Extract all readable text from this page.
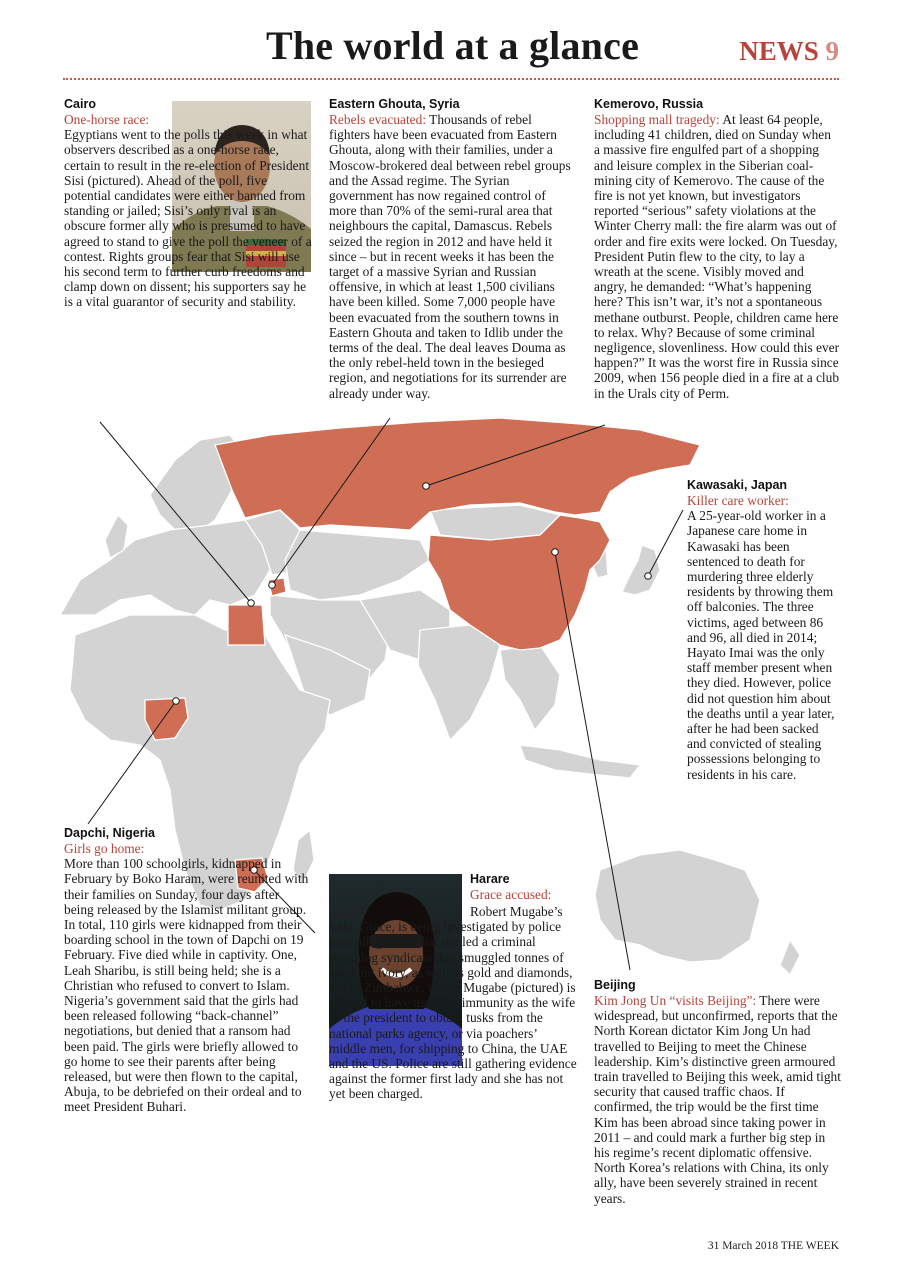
The world at a glance	NEWS 9
Cairo
One-horse race:

Egyptians went to the polls this week in what observers described as a one-horse race, certain to result in the re-election of President Sisi (pictured). Ahead of the poll, five potential candidates were either banned from standing or jailed; Sisi’s only rival is an obscure former ally who is presumed to have agreed to stand to give the poll the veneer of a contest. Rights groups fear that Sisi will use his second term to further curb freedoms and clamp down on dissent; his supporters say he is a vital guarantor of security and stability.

Eastern Ghouta, Syria

Rebels evacuated: Thousands of rebel fighters have been evacuated from Eastern Ghouta, along with their families, under a Moscow-brokered deal between rebel groups and the Assad regime. The Syrian government has now regained control of more than 70% of the semi-rural area that neighbours the capital, Damascus. Rebels seized the region in 2012 and have held it since – but in recent weeks it has been the target of a massive Syrian and Russian offensive, in which at least 1,500 civilians have been killed. Some 7,000 people have been evacuated from the southern towns in Eastern Ghouta and taken to Idlib under the terms of the deal. The deal leaves Douma as the only rebel-held town in the besieged region, and negotiations for its surrender are already under way.

Kemerovo, Russia

Shopping mall tragedy: At least 64 people, including 41 children, died on Sunday when a massive fire engulfed part of a shopping and leisure complex in the Siberian coal-mining city of Kemerovo. The cause of the fire is not yet known, but investigators reported “serious” safety violations at the Winter Cherry mall: the fire alarm was out of order and fire exits were locked. On Tuesday, President Putin flew to the city, to lay a wreath at the scene. Visibly moved and angry, he demanded: “What’s happening here? This isn’t war, it’s not a spontaneous methane outburst. People, children came here to relax. Why? Because of some criminal negligence, slovenliness. How could this ever happen?” It was the worst fire in Russia since 2009, when 156 people died in a fire at a club in the Urals city of Perm.

Kawasaki, Japan
Killer care worker:

A 25-year-old worker in a Japanese care home in Kawasaki has been sentenced to death for murdering three elderly residents by throwing them off balconies. The three victims, aged between 86 and 96, all died in 2014; Hayato Imai was the only staff member present when they died. However, police did not question him about the deaths until a year later, after he had been sacked and convicted of stealing possessions belonging to residents in his care.

Dapchi, Nigeria
Girls go home:

More than 100 schoolgirls, kidnapped in February by Boko Haram, were reunited with their families on Sunday, four days after being released by the Islamist militant group. In total, 110 girls were kidnapped from their boarding school in the town of Dapchi on 19 February. Five died while in captivity. One, Leah Sharibu, is still being held; she is a Christian who refused to convert to Islam. Nigeria’s government said that the girls had been released following “back-channel” negotiations, but denied that a ransom had been paid. The girls were briefly allowed to go home to see their parents after being released, but were then flown to the capital, Abuja, to be debriefed on their ordeal and to meet President Buhari.

Harare
Grace accused:

Robert Mugabe’s wife, Grace, is being investigated by police over allegations that she led a criminal poaching syndicate that smuggled tonnes of elephant ivory, as well as gold and diamonds, out of Zimbabwe. Grace Mugabe (pictured) is alleged to have used her immunity as the wife of the president to obtain tusks from the national parks agency, or via poachers’ middle men, for shipping to China, the UAE and the US. Police are still gathering evidence against the former first lady and she has not yet been charged.

Beijing

Kim Jong Un “visits Beijing”: There were widespread, but unconfirmed, reports that the North Korean dictator Kim Jong Un had travelled to Beijing to meet the Chinese leadership. Kim’s distinctive green armoured train travelled to Beijing this week, amid tight security that caused traffic chaos. If confirmed, the trip would be the first time Kim has been abroad since taking power in 2011 – and could mark a further big step in his regime’s recent diplomatic offensive. North Korea’s relations with China, its only ally, have been severely strained in recent years.

31 March 2018 THE WEEK
